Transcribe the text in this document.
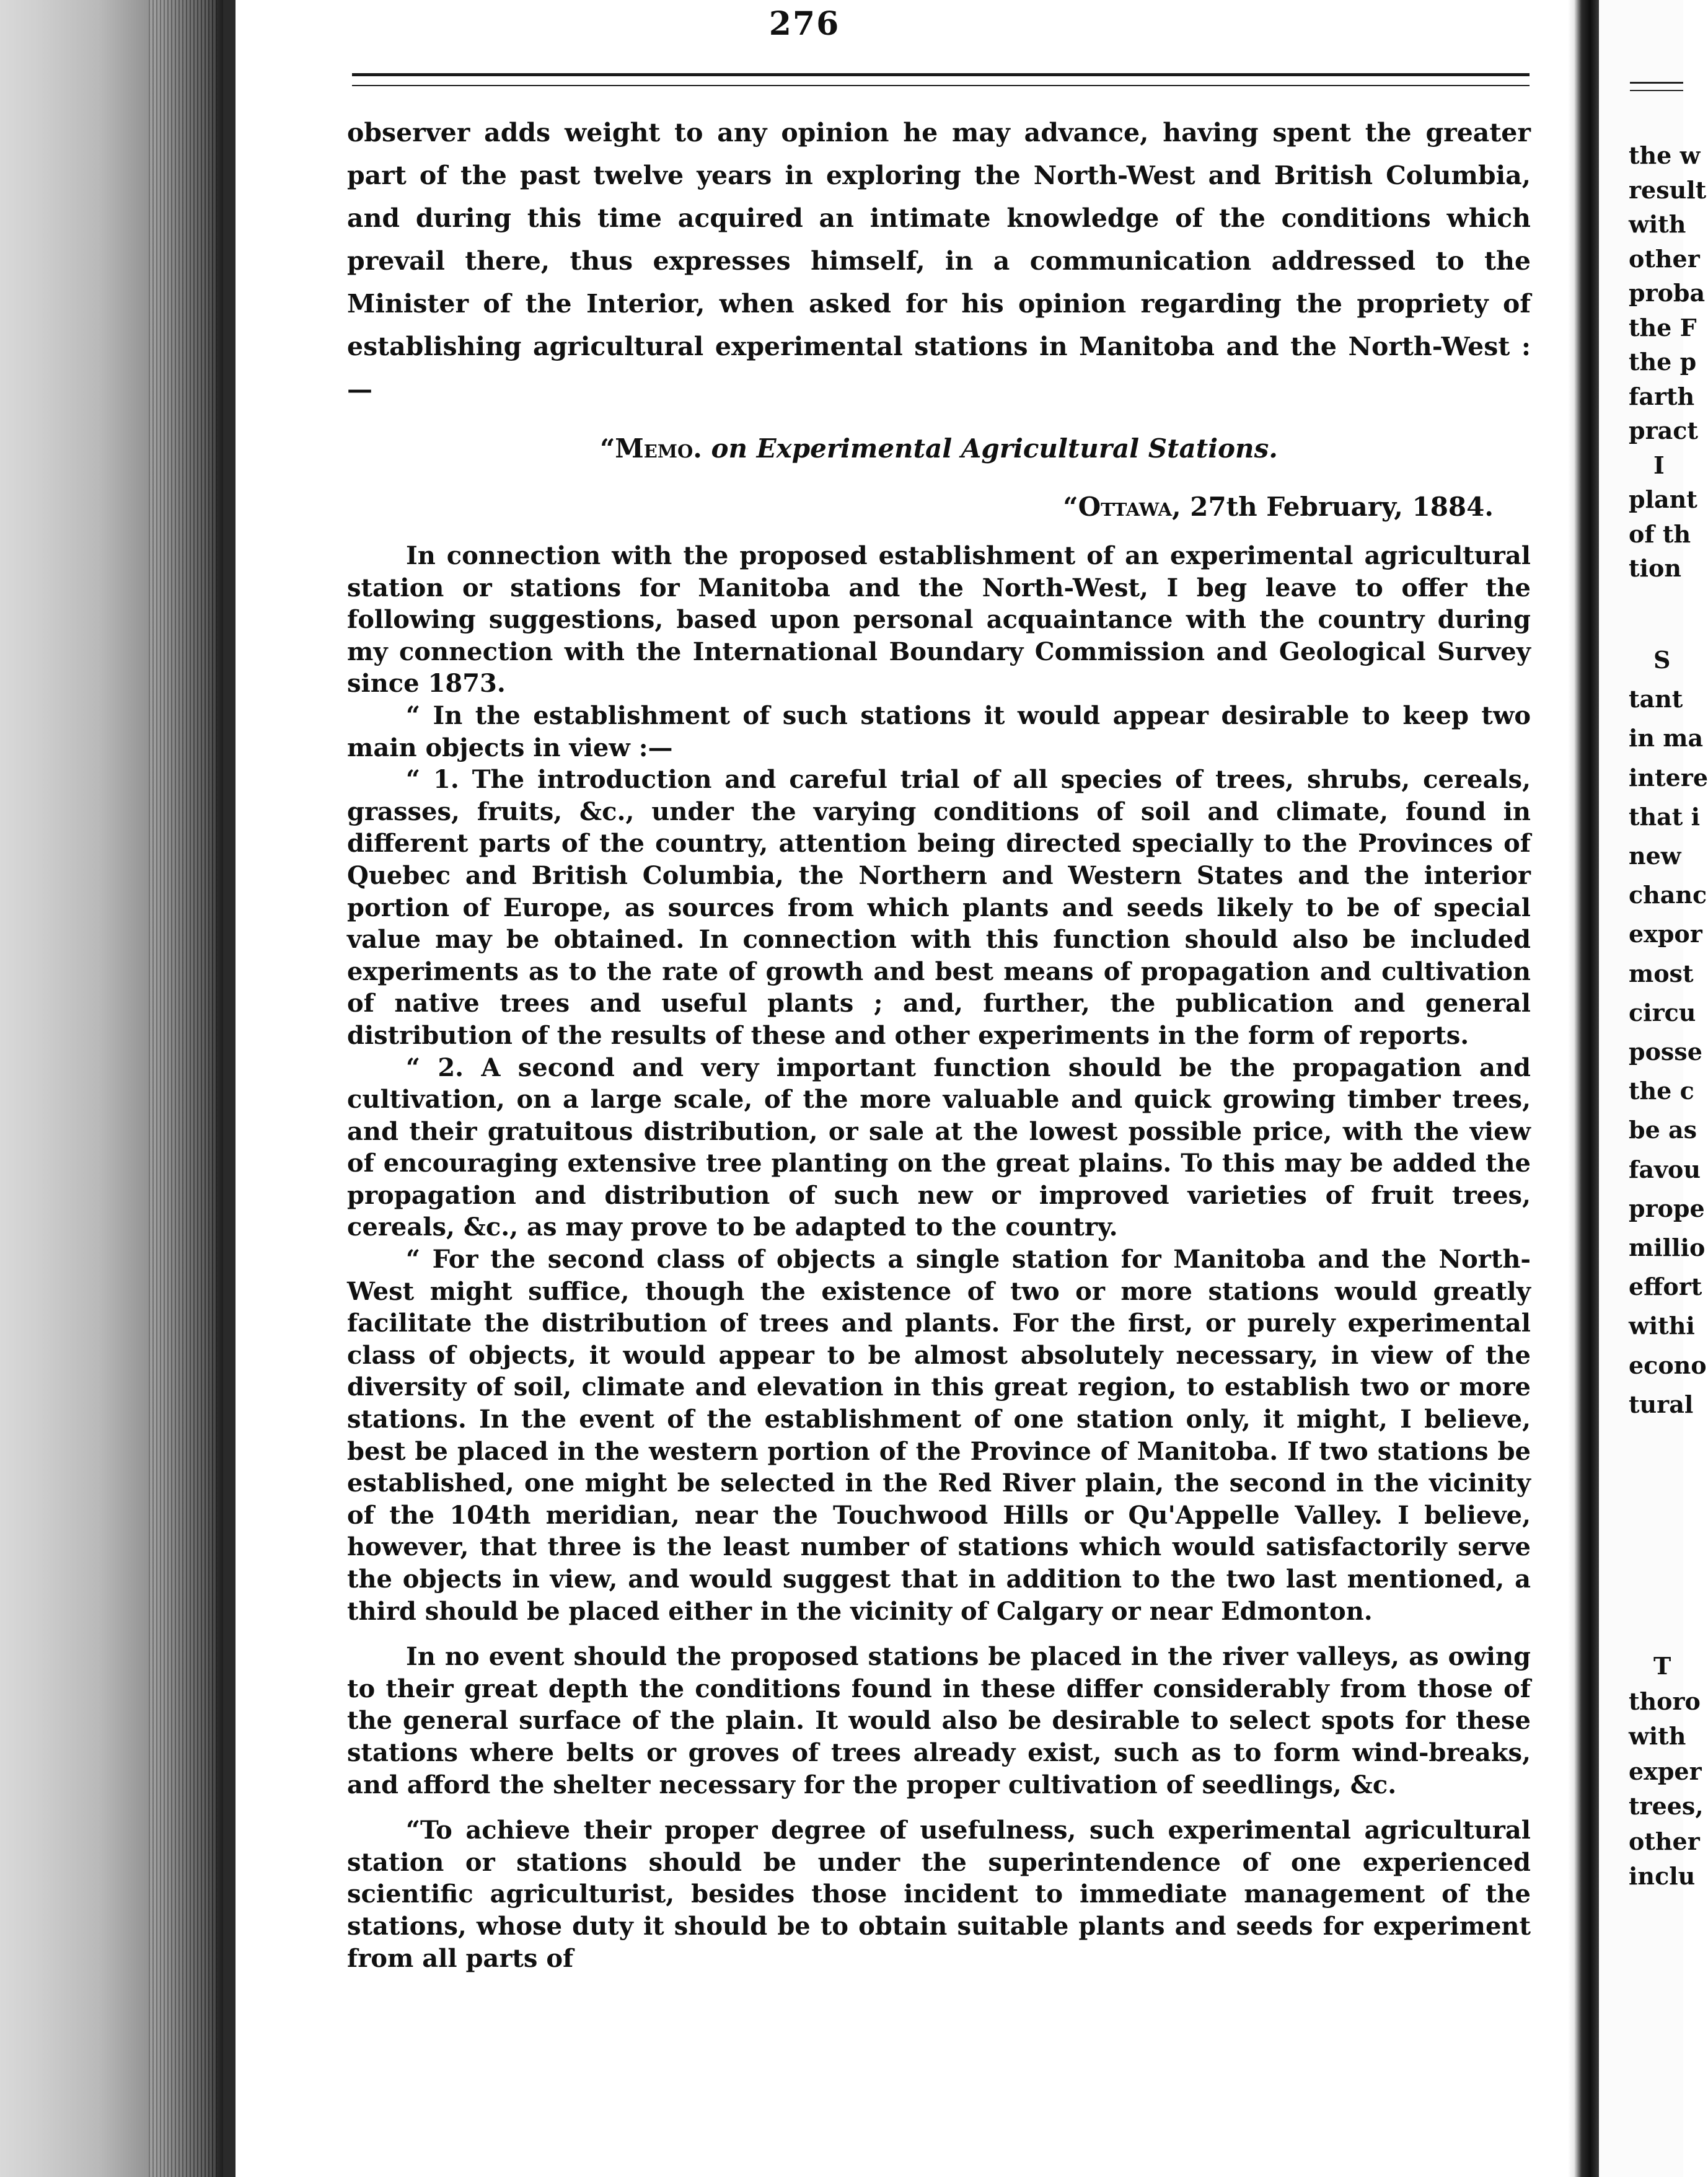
the w
result
with
other
proba
the F
the p
farth
pract
I
plant
of th
tion
S
tant
in ma
intere
that i
new
chanc
expor
most
circu
posse
the c
be as
favou
prope
millio
effort
withi
econo
tural
T
thoro
with
exper
trees,
other
inclu
276

observer adds weight to any opinion he may advance, having spent the greater part of the past twelve years in exploring the North-West and British Columbia, and during this time acquired an intimate knowledge of the conditions which prevail there, thus expresses himself, in a communication addressed to the Minister of the Interior, when asked for his opinion regarding the propriety of establishing agricultural experimental stations in Manitoba and the North-West :—

“Memo. on Experimental Agricultural Stations.
“Ottawa, 27th February, 1884.

In connection with the proposed establishment of an experimental agricultural station or stations for Manitoba and the North-West, I beg leave to offer the following suggestions, based upon personal acquaintance with the country during my connection with the International Boundary Commission and Geological Survey since 1873.

“ In the establishment of such stations it would appear desirable to keep two main objects in view :—

“ 1. The introduction and careful trial of all species of trees, shrubs, cereals, grasses, fruits, &c., under the varying conditions of soil and climate, found in different parts of the country, attention being directed specially to the Provinces of Quebec and British Columbia, the Northern and Western States and the interior portion of Europe, as sources from which plants and seeds likely to be of special value may be obtained. In connection with this function should also be included experiments as to the rate of growth and best means of propagation and cultivation of native trees and useful plants ; and, further, the publication and general distribution of the results of these and other experiments in the form of reports.

“ 2. A second and very important function should be the propagation and cultivation, on a large scale, of the more valuable and quick growing timber trees, and their gratuitous distribution, or sale at the lowest possible price, with the view of encouraging extensive tree planting on the great plains. To this may be added the propagation and distribution of such new or improved varieties of fruit trees, cereals, &c., as may prove to be adapted to the country.

“ For the second class of objects a single station for Manitoba and the North-West might suffice, though the existence of two or more stations would greatly facilitate the distribution of trees and plants. For the first, or purely experimental class of objects, it would appear to be almost absolutely necessary, in view of the diversity of soil, climate and elevation in this great region, to establish two or more stations. In the event of the establishment of one station only, it might, I believe, best be placed in the western portion of the Province of Manitoba. If two stations be established, one might be selected in the Red River plain, the second in the vicinity of the 104th meridian, near the Touchwood Hills or Qu'Appelle Valley. I believe, however, that three is the least number of stations which would satisfactorily serve the objects in view, and would suggest that in addition to the two last mentioned, a third should be placed either in the vicinity of Calgary or near Edmonton.

In no event should the proposed stations be placed in the river valleys, as owing to their great depth the conditions found in these differ considerably from those of the general surface of the plain. It would also be desirable to select spots for these stations where belts or groves of trees already exist, such as to form wind-breaks, and afford the shelter necessary for the proper cultivation of seedlings, &c.

“To achieve their proper degree of usefulness, such experimental agricultural station or stations should be under the superintendence of one experienced scientific agriculturist, besides those incident to immediate management of the stations, whose duty it should be to obtain suitable plants and seeds for experiment from all parts of
